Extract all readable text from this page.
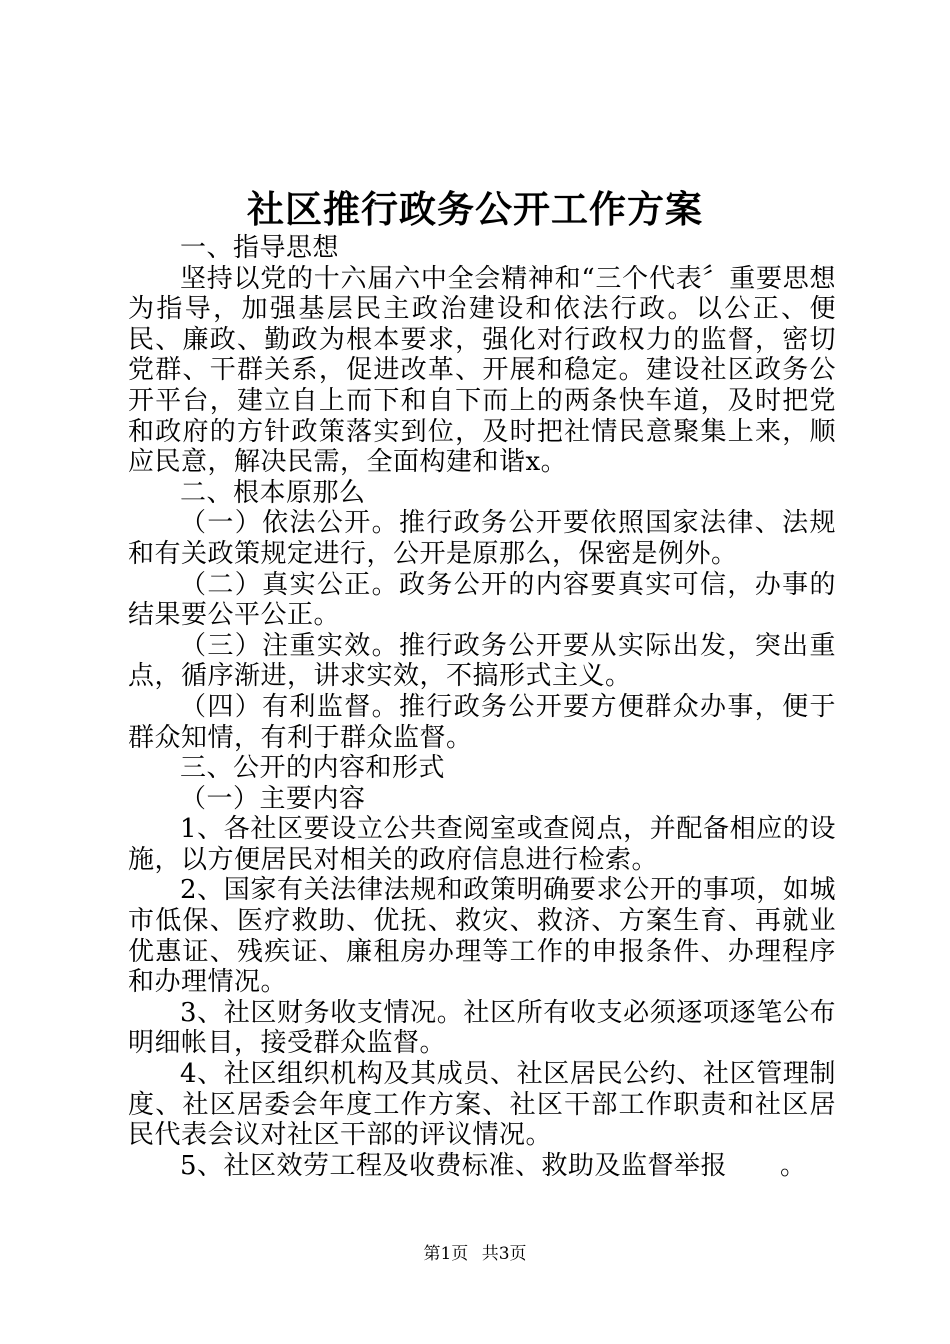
社区推行政务公开工作方案

一、指导思想

坚持以党的十六届六中全会精神和“三个代表〞重要思想为指导，加强基层民主政治建设和依法行政。以公正、便民、廉政、勤政为根本要求，强化对行政权力的监督，密切党群、干群关系，促进改革、开展和稳定。建设社区政务公开平台，建立自上而下和自下而上的两条快车道，及时把党和政府的方针政策落实到位，及时把社情民意聚集上来，顺应民意，解决民需，全面构建和谐x。

二、根本原那么

（一）依法公开。推行政务公开要依照国家法律、法规和有关政策规定进行，公开是原那么，保密是例外。

（二）真实公正。政务公开的内容要真实可信，办事的结果要公平公正。

（三）注重实效。推行政务公开要从实际出发，突出重点，循序渐进，讲求实效，不搞形式主义。

（四）有利监督。推行政务公开要方便群众办事，便于群众知情，有利于群众监督。

三、公开的内容和形式

（一）主要内容

1、各社区要设立公共查阅室或查阅点，并配备相应的设施，以方便居民对相关的政府信息进行检索。

2、国家有关法律法规和政策明确要求公开的事项，如城市低保、医疗救助、优抚、救灾、救济、方案生育、再就业优惠证、残疾证、廉租房办理等工作的申报条件、办理程序和办理情况。

3、社区财务收支情况。社区所有收支必须逐项逐笔公布明细帐目，接受群众监督。

4、社区组织机构及其成员、社区居民公约、社区管理制度、社区居委会年度工作方案、社区干部工作职责和社区居民代表会议对社区干部的评议情况。

5、社区效劳工程及收费标准、救助及监督举报　　。

第1页 共3页
